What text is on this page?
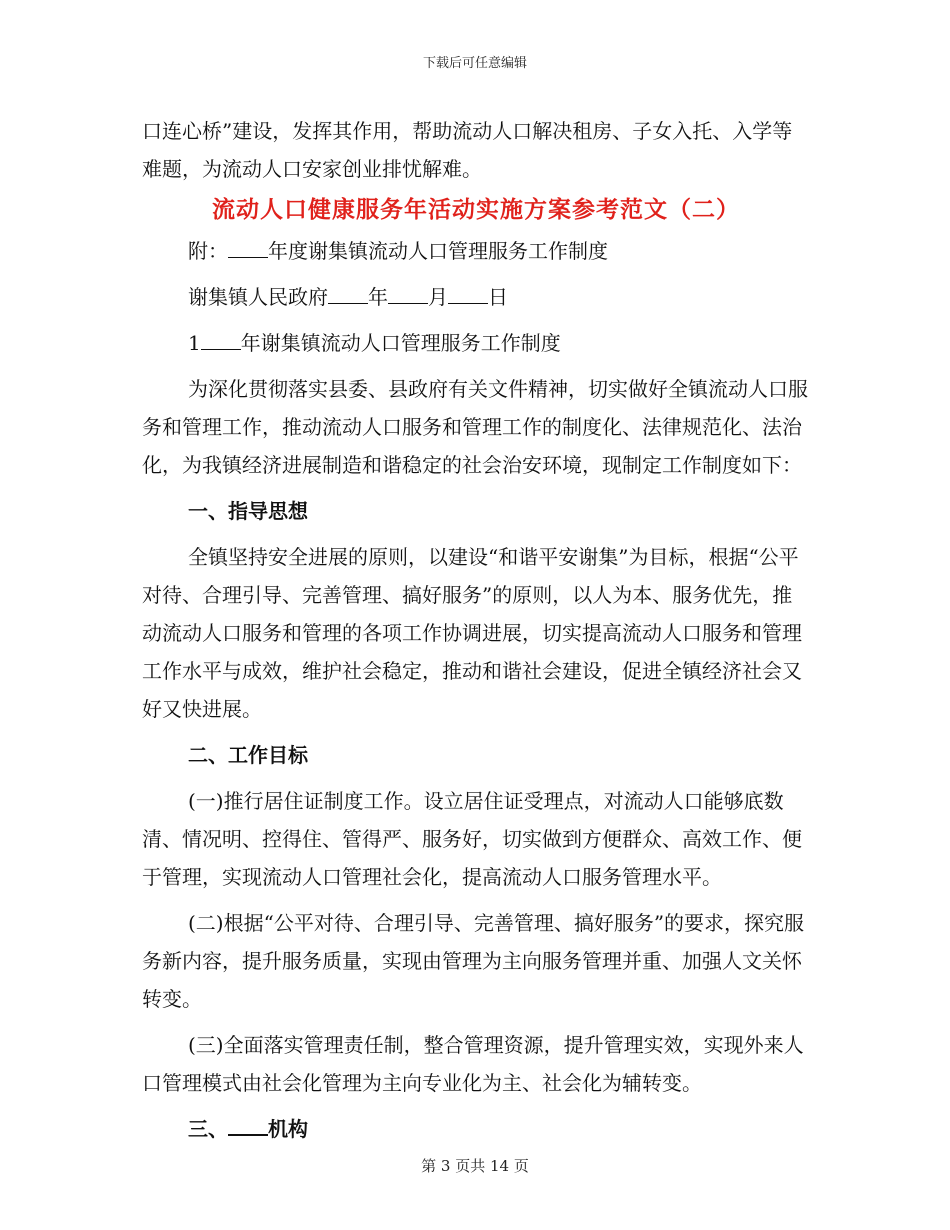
下载后可任意编辑

口连心桥”建设，发挥其作用，帮助流动人口解决租房、子女入托、入学等难题，为流动人口安家创业排忧解难。

流动人口健康服务年活动实施方案参考范文（二）

附： 年度谢集镇流动人口管理服务工作制度

谢集镇人民政府 年 月 日

1 年谢集镇流动人口管理服务工作制度

为深化贯彻落实县委、县政府有关文件精神，切实做好全镇流动人口服务和管理工作，推动流动人口服务和管理工作的制度化、法律规范化、法治化，为我镇经济进展制造和谐稳定的社会治安环境，现制定工作制度如下：

一、指导思想

全镇坚持安全进展的原则，以建设“和谐平安谢集”为目标，根据“公平对待、合理引导、完善管理、搞好服务”的原则，以人为本、服务优先，推动流动人口服务和管理的各项工作协调进展，切实提高流动人口服务和管理工作水平与成效，维护社会稳定，推动和谐社会建设，促进全镇经济社会又好又快进展。

二、工作目标

(一)推行居住证制度工作。设立居住证受理点，对流动人口能够底数清、情况明、控得住、管得严、服务好，切实做到方便群众、高效工作、便于管理，实现流动人口管理社会化，提高流动人口服务管理水平。

(二)根据“公平对待、合理引导、完善管理、搞好服务”的要求，探究服务新内容，提升服务质量，实现由管理为主向服务管理并重、加强人文关怀转变。

(三)全面落实管理责任制，整合管理资源，提升管理实效，实现外来人口管理模式由社会化管理为主向专业化为主、社会化为辅转变。

三、 机构

第 3 页共 14 页
